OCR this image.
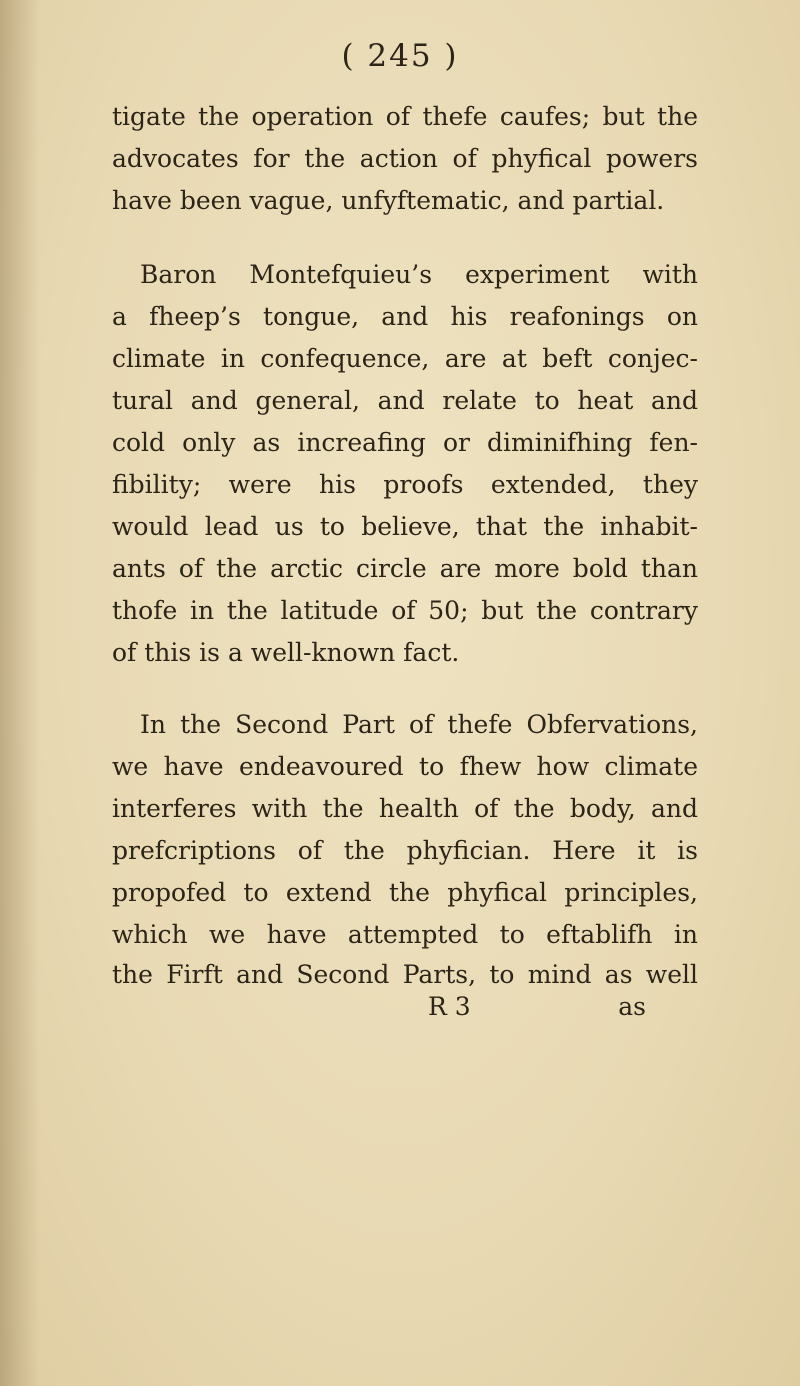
( 245 )
tigate the operation of thefe caufes; but the
advocates for the action of phyfical powers
have been vague, unfyftematic, and partial.
Baron Montefquieu’s experiment with
a fheep’s tongue, and his reafonings on
climate in confequence, are at beft conjec-
tural and general, and relate to heat and
cold only as increafing or diminifhing fen-
fibility; were his proofs extended, they
would lead us to believe, that the inhabit-
ants of the arctic circle are more bold than
thofe in the latitude of 50; but the contrary
of this is a well-known fact.
In the Second Part of thefe Obfervations,
we have endeavoured to fhew how climate
interferes with the health of the body, and
prefcriptions of the phyfician. Here it is
propofed to extend the phyfical principles,
which we have attempted to eftablifh in
the Firft and Second Parts, to mind as well
R 3	as
